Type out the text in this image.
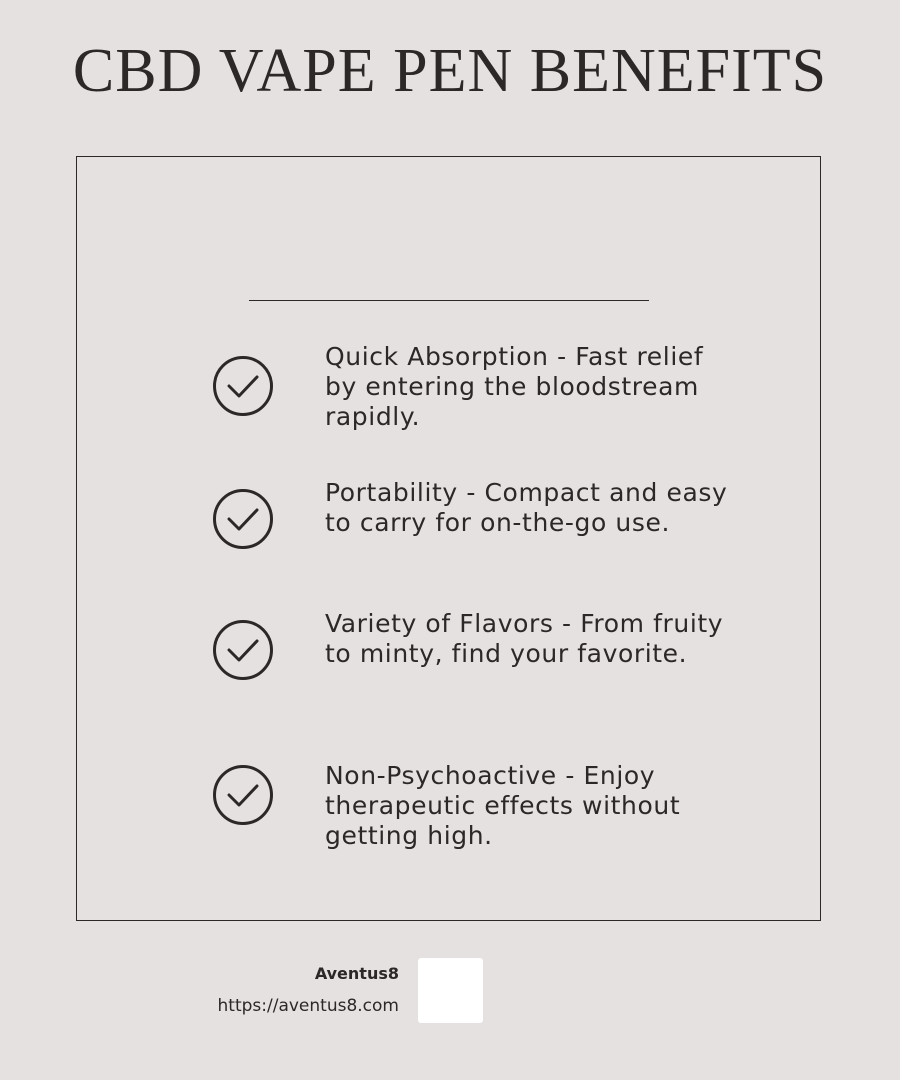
CBD VAPE PEN BENEFITS
Quick Absorption - Fast relief by entering the bloodstream rapidly.
Portability - Compact and easy to carry for on-the-go use.
Variety of Flavors - From fruity to minty, find your favorite.
Non-Psychoactive - Enjoy therapeutic effects without getting high.
Aventus8
https://aventus8.com
